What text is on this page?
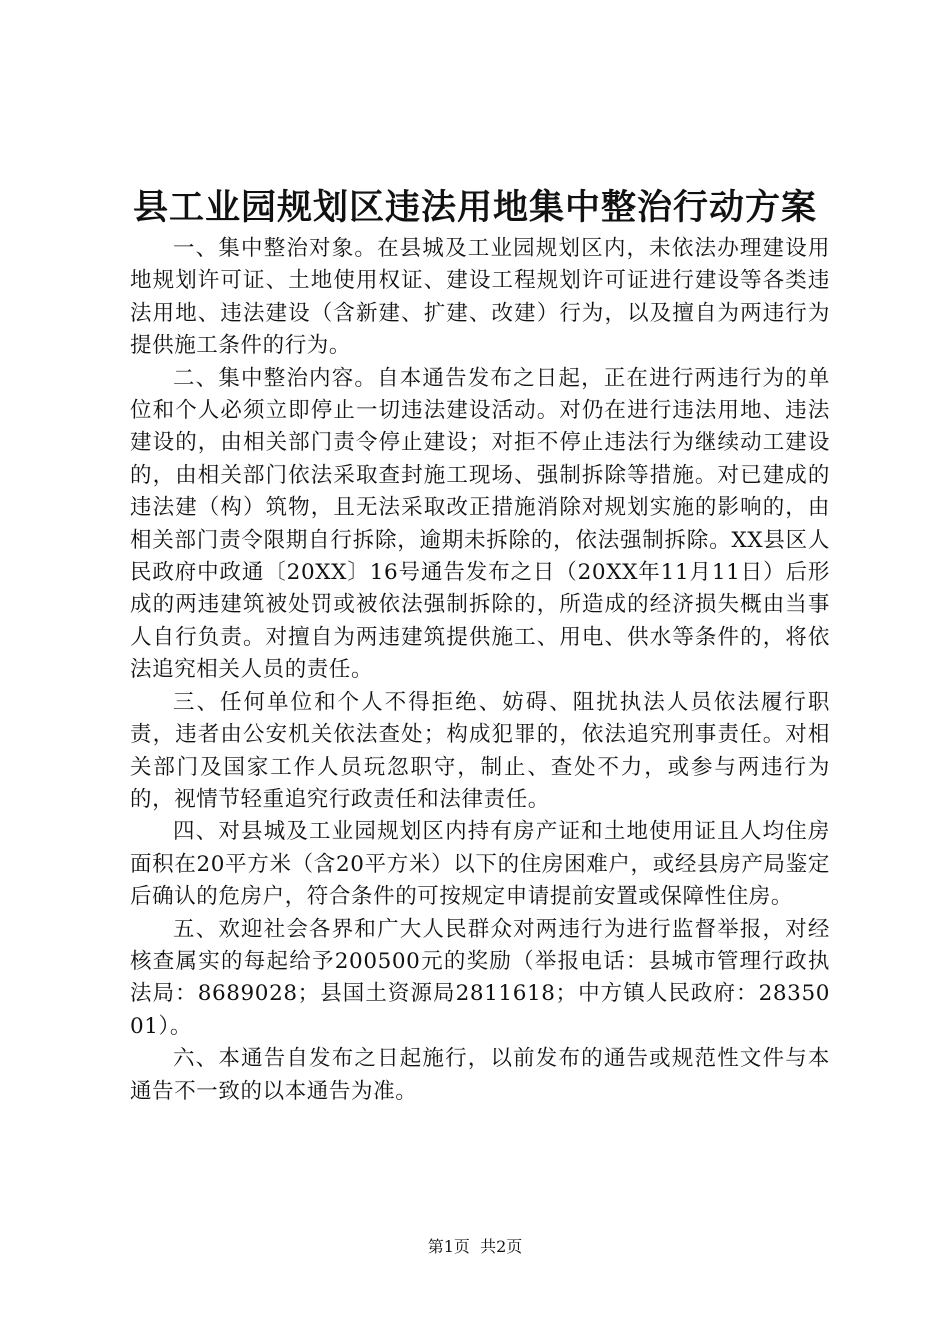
县工业园规划区违法用地集中整治行动方案

一、集中整治对象。在县城及工业园规划区内，未依法办理建设用地规划许可证、土地使用权证、建设工程规划许可证进行建设等各类违法用地、违法建设（含新建、扩建、改建）行为，以及擅自为两违行为提供施工条件的行为。

二、集中整治内容。自本通告发布之日起，正在进行两违行为的单位和个人必须立即停止一切违法建设活动。对仍在进行违法用地、违法建设的，由相关部门责令停止建设；对拒不停止违法行为继续动工建设的，由相关部门依法采取查封施工现场、强制拆除等措施。对已建成的违法建（构）筑物，且无法采取改正措施消除对规划实施的影响的，由相关部门责令限期自行拆除，逾期未拆除的，依法强制拆除。XX县区人民政府中政通〔20XX〕16号通告发布之日（20XX年11月11日）后形成的两违建筑被处罚或被依法强制拆除的，所造成的经济损失概由当事人自行负责。对擅自为两违建筑提供施工、用电、供水等条件的，将依法追究相关人员的责任。

三、任何单位和个人不得拒绝、妨碍、阻扰执法人员依法履行职责，违者由公安机关依法查处；构成犯罪的，依法追究刑事责任。对相关部门及国家工作人员玩忽职守，制止、查处不力，或参与两违行为的，视情节轻重追究行政责任和法律责任。

四、对县城及工业园规划区内持有房产证和土地使用证且人均住房面积在20平方米（含20平方米）以下的住房困难户，或经县房产局鉴定后确认的危房户，符合条件的可按规定申请提前安置或保障性住房。

五、欢迎社会各界和广大人民群众对两违行为进行监督举报，对经核查属实的每起给予200500元的奖励（举报电话：县城市管理行政执法局：8689028；县国土资源局2811618；中方镇人民政府：2835001）。

六、本通告自发布之日起施行，以前发布的通告或规范性文件与本通告不一致的以本通告为准。

第1页 共2页
